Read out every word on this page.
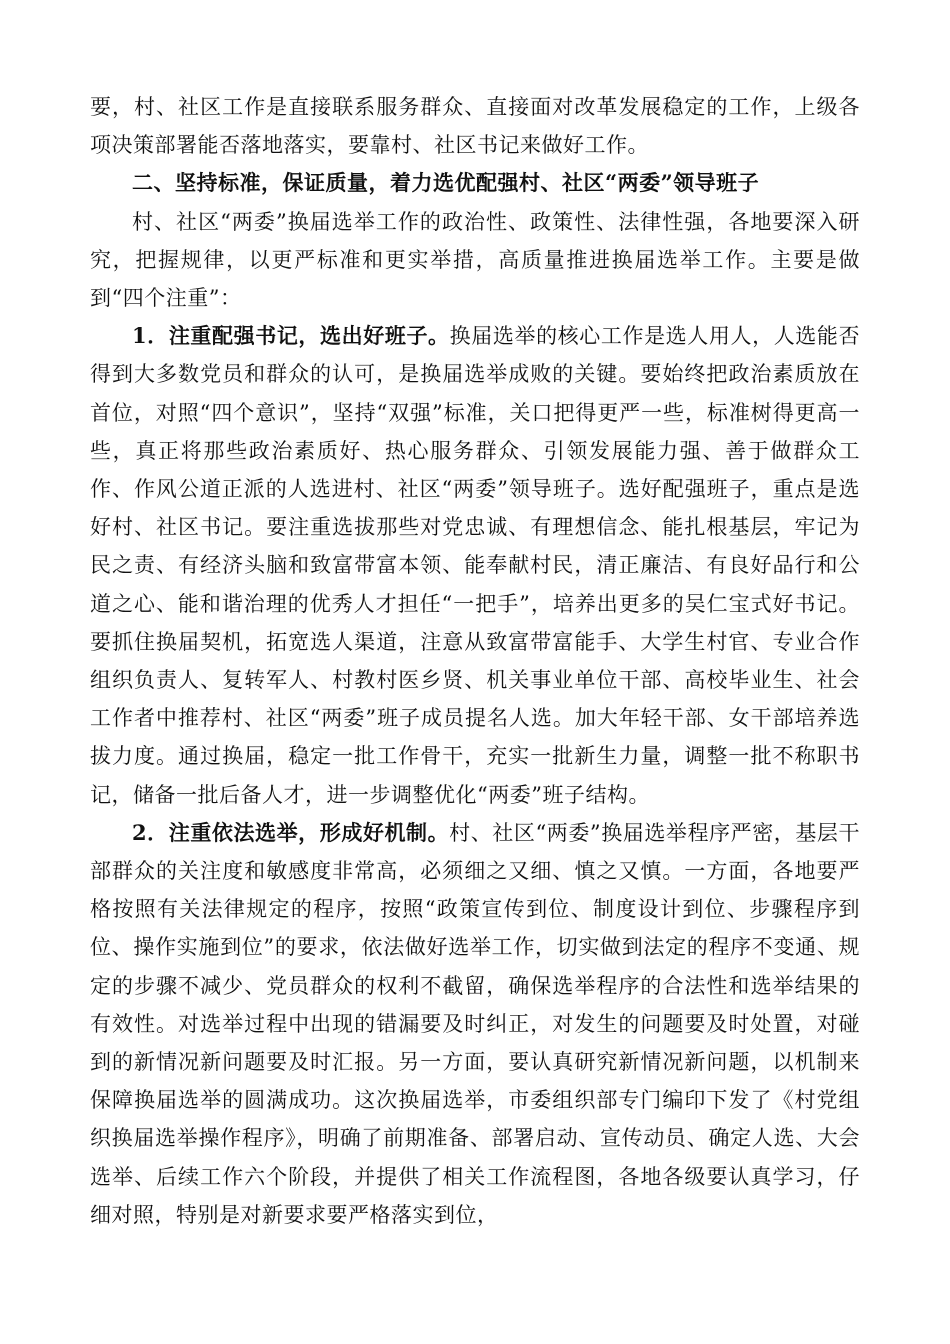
要，村、社区工作是直接联系服务群众、直接面对改革发展稳定的工作，上级各项决策部署能否落地落实，要靠村、社区书记来做好工作。

二、坚持标准，保证质量，着力选优配强村、社区“两委”领导班子

村、社区“两委”换届选举工作的政治性、政策性、法律性强，各地要深入研究，把握规律，以更严标准和更实举措，高质量推进换届选举工作。主要是做到“四个注重”：

1．注重配强书记，选出好班子。换届选举的核心工作是选人用人，人选能否得到大多数党员和群众的认可，是换届选举成败的关键。要始终把政治素质放在首位，对照“四个意识”，坚持“双强”标准，关口把得更严一些，标准树得更高一些，真正将那些政治素质好、热心服务群众、引领发展能力强、善于做群众工作、作风公道正派的人选进村、社区“两委”领导班子。选好配强班子，重点是选好村、社区书记。要注重选拔那些对党忠诚、有理想信念、能扎根基层，牢记为民之责、有经济头脑和致富带富本领、能奉献村民，清正廉洁、有良好品行和公道之心、能和谐治理的优秀人才担任“一把手”，培养出更多的吴仁宝式好书记。要抓住换届契机，拓宽选人渠道，注意从致富带富能手、大学生村官、专业合作组织负责人、复转军人、村教村医乡贤、机关事业单位干部、高校毕业生、社会工作者中推荐村、社区“两委”班子成员提名人选。加大年轻干部、女干部培养选拔力度。通过换届，稳定一批工作骨干，充实一批新生力量，调整一批不称职书记，储备一批后备人才，进一步调整优化“两委”班子结构。

2．注重依法选举，形成好机制。村、社区“两委”换届选举程序严密，基层干部群众的关注度和敏感度非常高，必须细之又细、慎之又慎。一方面，各地要严格按照有关法律规定的程序，按照“政策宣传到位、制度设计到位、步骤程序到位、操作实施到位”的要求，依法做好选举工作，切实做到法定的程序不变通、规定的步骤不减少、党员群众的权利不截留，确保选举程序的合法性和选举结果的有效性。对选举过程中出现的错漏要及时纠正，对发生的问题要及时处置，对碰到的新情况新问题要及时汇报。另一方面，要认真研究新情况新问题，以机制来保障换届选举的圆满成功。这次换届选举，市委组织部专门编印下发了《村党组织换届选举操作程序》，明确了前期准备、部署启动、宣传动员、确定人选、大会选举、后续工作六个阶段，并提供了相关工作流程图，各地各级要认真学习，仔细对照，特别是对新要求要严格落实到位，
